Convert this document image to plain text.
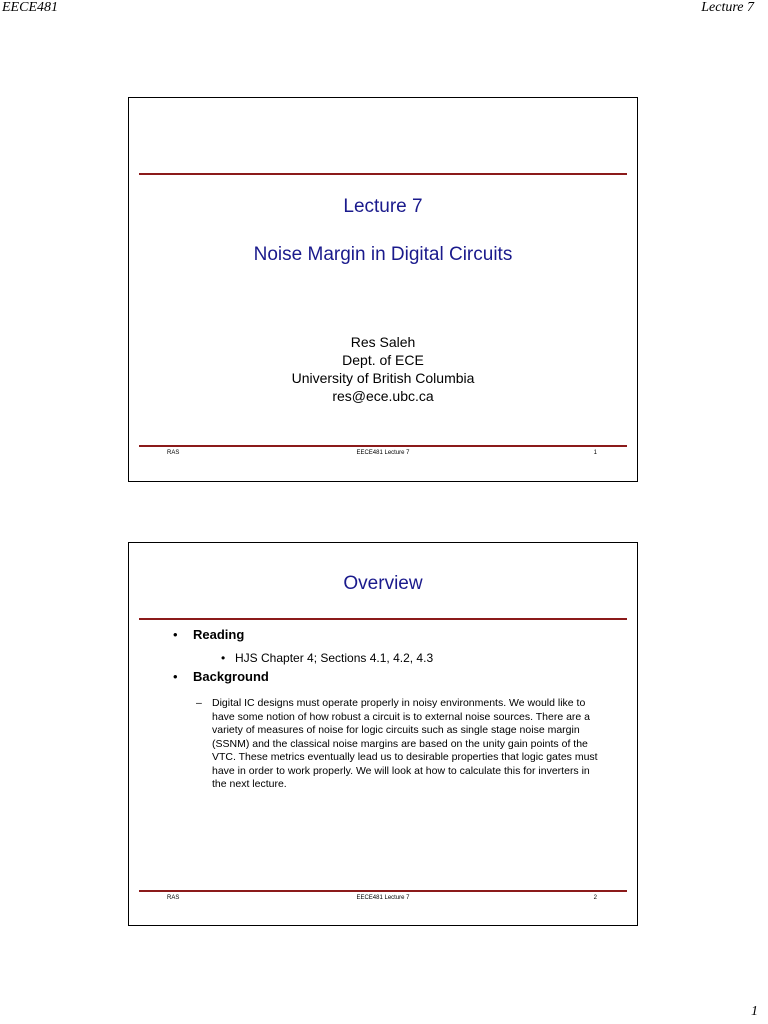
EECE481	Lecture 7
Lecture 7
Noise Margin in Digital Circuits
Res Saleh
Dept. of ECE
University of British Columbia
res@ece.ubc.ca
RAS	EECE481 Lecture 7	1
Overview
• Reading
• HJS Chapter 4; Sections 4.1, 4.2, 4.3
• Background
– Digital IC designs must operate properly in noisy environments. We would like to have some notion of how robust a circuit is to external noise sources. There are a variety of measures of noise for logic circuits such as single stage noise margin (SSNM) and the classical noise margins are based on the unity gain points of the VTC. These metrics eventually lead us to desirable properties that logic gates must have in order to work properly. We will look at how to calculate this for inverters in the next lecture.
RAS	EECE481 Lecture 7	2
1
